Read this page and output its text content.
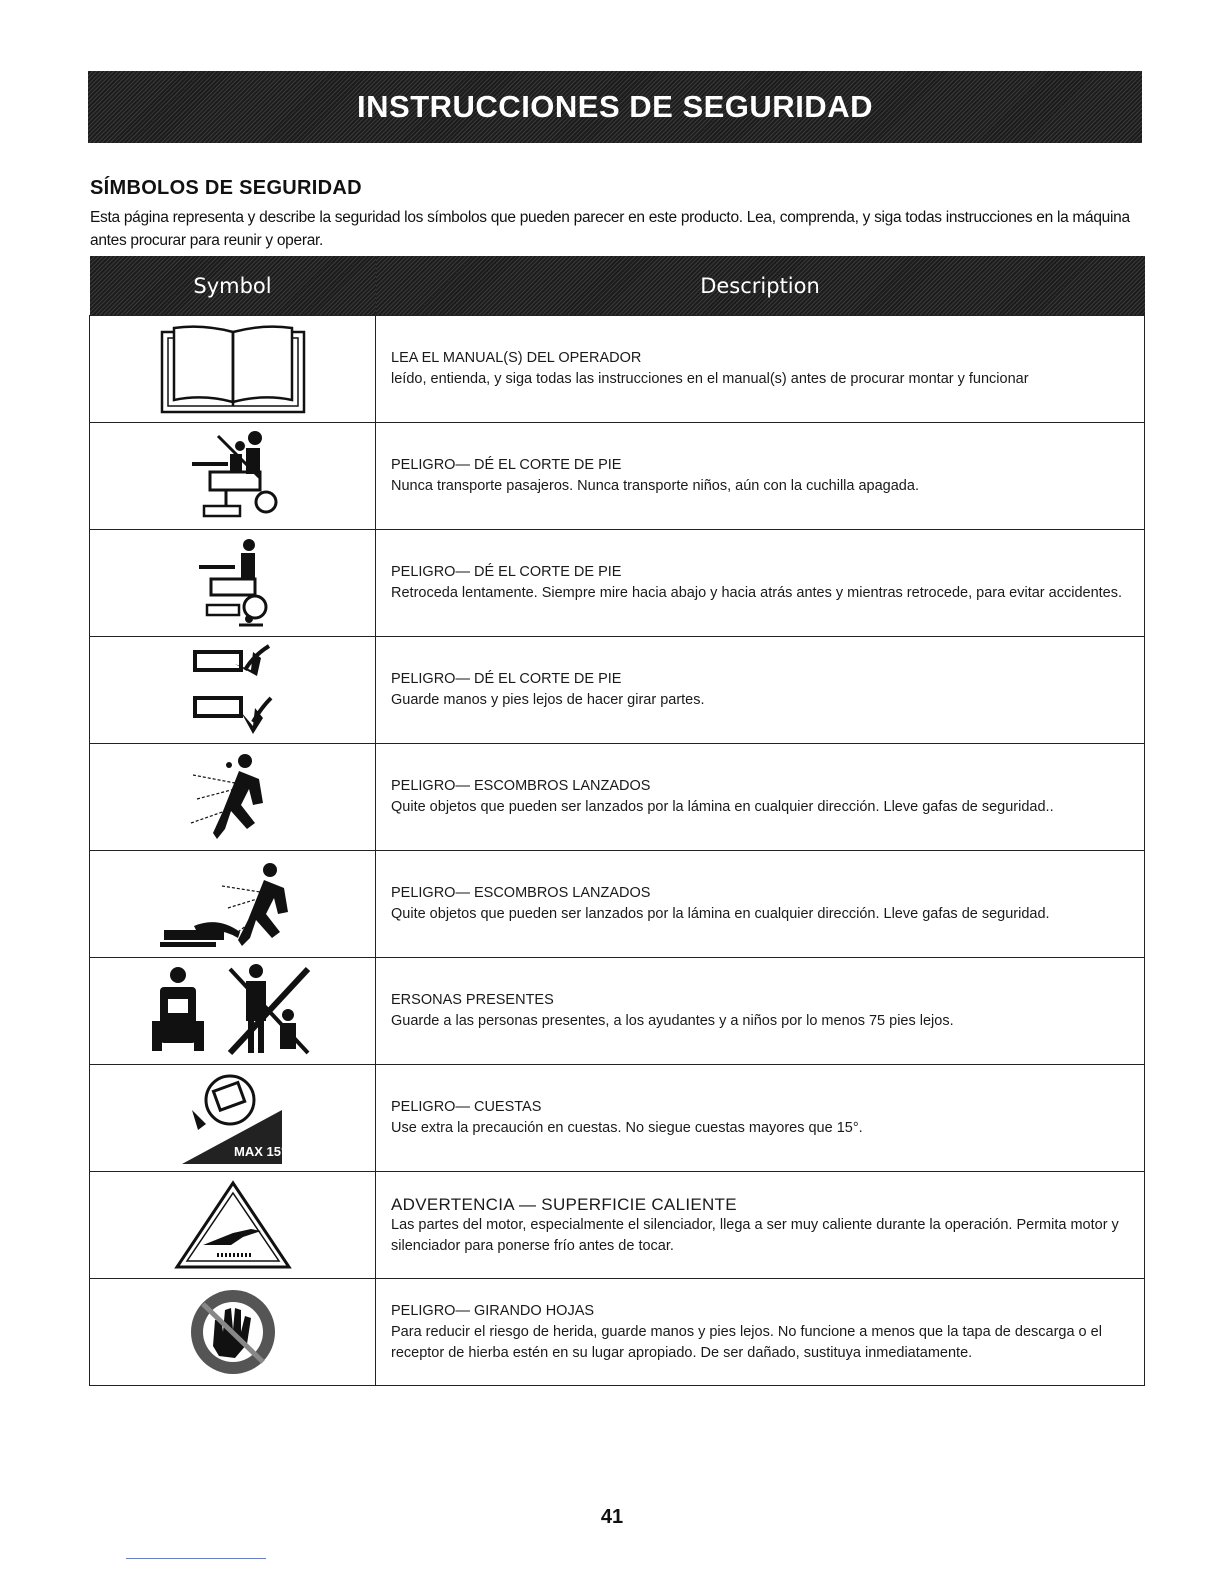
INSTRUCCIONES DE SEGURIDAD
SÍMBOLOS DE SEGURIDAD
Esta página representa y describe la seguridad los símbolos que pueden parecer en este producto. Lea, comprenda, y siga todas instrucciones en la máquina antes procurar para reunir y operar.
Symbol	Description

LEA EL MANUAL(S) DEL OPERADOR
leído, entienda, y siga todas las instrucciones en el manual(s) antes de procurar montar y funcionar

PELIGRO— DÉ EL CORTE DE PIE
Nunca transporte pasajeros. Nunca transporte niños, aún con la cuchilla apagada.

PELIGRO— DÉ EL CORTE DE PIE
Retroceda lentamente. Siempre mire hacia abajo y hacia atrás antes y mientras retrocede, para evitar accidentes.

PELIGRO— DÉ EL CORTE DE PIE
Guarde manos y pies lejos de hacer girar partes.

PELIGRO— ESCOMBROS LANZADOS
Quite objetos que pueden ser lanzados por la lámina en cualquier dirección. Lleve gafas de seguridad..

PELIGRO— ESCOMBROS LANZADOS
Quite objetos que pueden ser lanzados por la lámina en cualquier dirección. Lleve gafas de seguridad.

ERSONAS PRESENTES
Guarde a las personas presentes, a los ayudantes y a niños por lo menos 75 pies lejos.

MAX 15°	PELIGRO— CUESTAS
Use extra la precaución en cuestas. No siegue cuestas mayores que 15°.

ADVERTENCIA — SUPERFICIE CALIENTE
Las partes del motor, especialmente el silenciador, llega a ser muy caliente durante la operación. Permita motor y silenciador para ponerse frío antes de tocar.

PELIGRO— GIRANDO HOJAS
Para reducir el riesgo de herida, guarde manos y pies lejos. No funcione a menos que la tapa de descarga o el receptor de hierba estén en su lugar apropiado. De ser dañado, sustituya inmediatamente.
41
